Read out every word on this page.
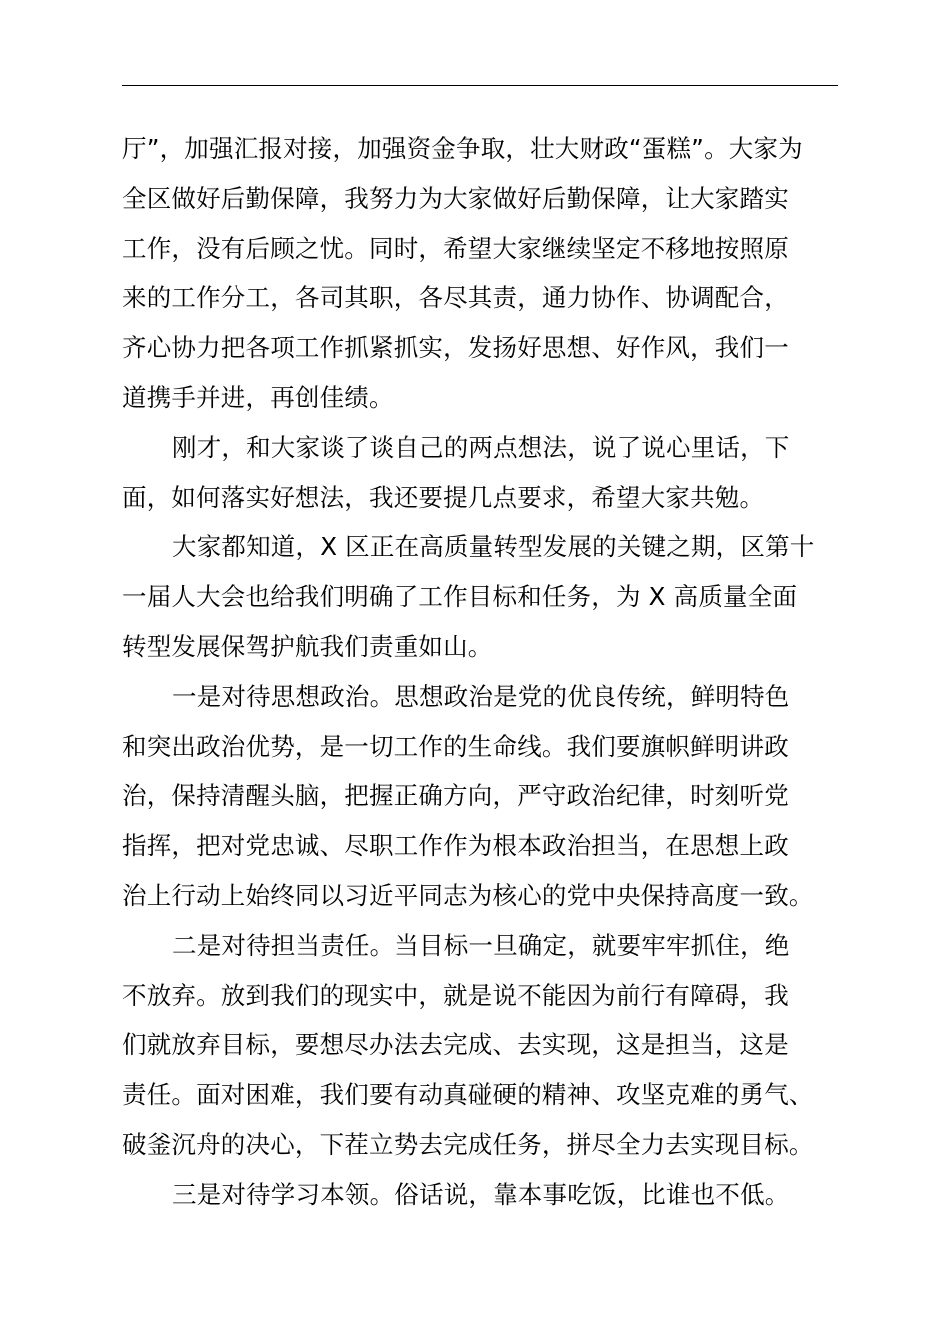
厅”，加强汇报对接，加强资金争取，壮大财政“蛋糕”。大家为

全区做好后勤保障，我努力为大家做好后勤保障，让大家踏实

工作，没有后顾之忧。同时，希望大家继续坚定不移地按照原

来的工作分工，各司其职，各尽其责，通力协作、协调配合，

齐心协力把各项工作抓紧抓实，发扬好思想、好作风，我们一

道携手并进，再创佳绩。

刚才，和大家谈了谈自己的两点想法，说了说心里话，下

面，如何落实好想法，我还要提几点要求，希望大家共勉。

大家都知道，X 区正在高质量转型发展的关键之期，区第十

一届人大会也给我们明确了工作目标和任务，为 X 高质量全面

转型发展保驾护航我们责重如山。

一是对待思想政治。思想政治是党的优良传统，鲜明特色

和突出政治优势，是一切工作的生命线。我们要旗帜鲜明讲政

治，保持清醒头脑，把握正确方向，严守政治纪律，时刻听党

指挥，把对党忠诚、尽职工作作为根本政治担当，在思想上政

治上行动上始终同以习近平同志为核心的党中央保持高度一致。

二是对待担当责任。当目标一旦确定，就要牢牢抓住，绝

不放弃。放到我们的现实中，就是说不能因为前行有障碍，我

们就放弃目标，要想尽办法去完成、去实现，这是担当，这是

责任。面对困难，我们要有动真碰硬的精神、攻坚克难的勇气、

破釜沉舟的决心，下茬立势去完成任务，拼尽全力去实现目标。

三是对待学习本领。俗话说，靠本事吃饭，比谁也不低。
